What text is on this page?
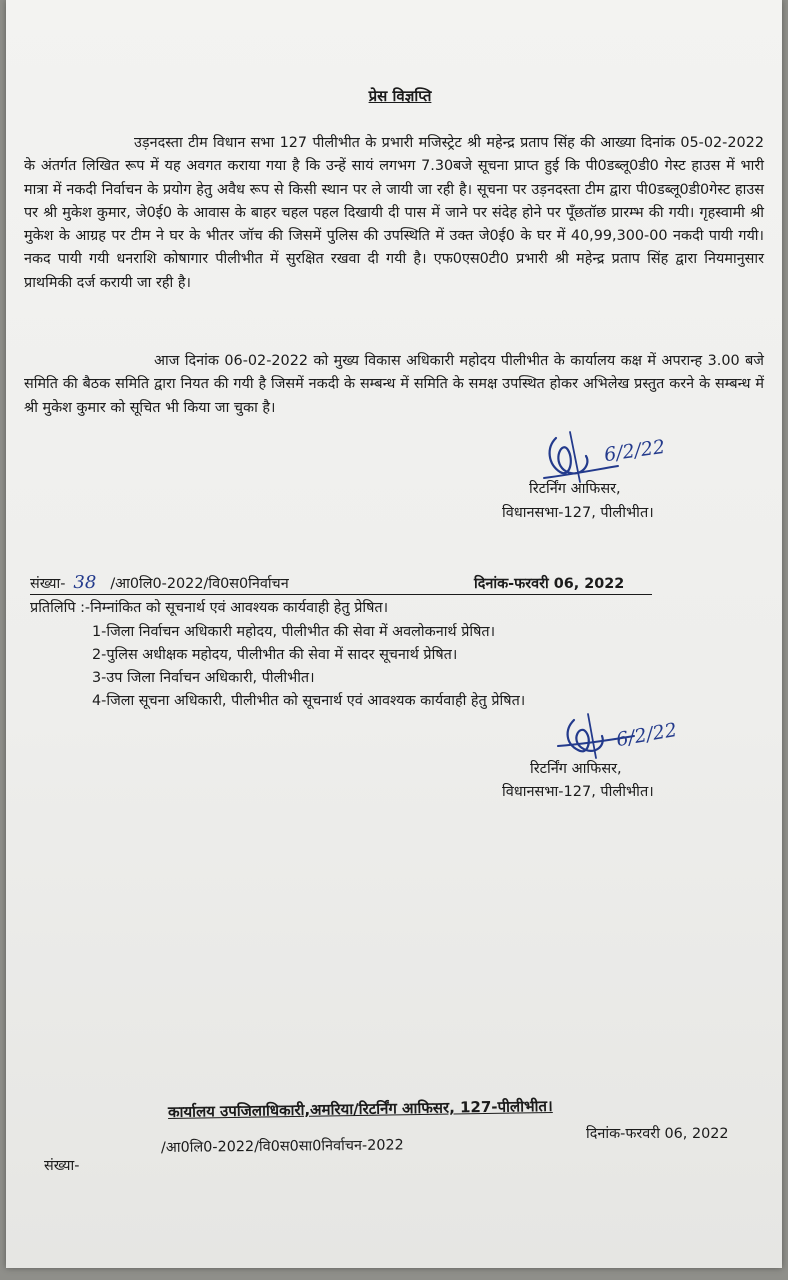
प्रेस विज्ञप्ति
उड़नदस्ता टीम विधान सभा 127 पीलीभीत के प्रभारी मजिस्ट्रेट श्री महेन्द्र प्रताप सिंह की आख्या दिनांक 05-02-2022 के अंतर्गत लिखित रूप में यह अवगत कराया गया है कि उन्हें सायं लगभग 7.30बजे सूचना प्राप्त हुई कि पी0डब्लू0डी0 गेस्ट हाउस में भारी मात्रा में नकदी निर्वाचन के प्रयोग हेतु अवैध रूप से किसी स्थान पर ले जायी जा रही है। सूचना पर उड़नदस्ता टीम द्वारा पी0डब्लू0डी0गेस्ट हाउस पर श्री मुकेश कुमार, जे0ई0 के आवास के बाहर चहल पहल दिखायी दी पास में जाने पर संदेह होने पर पूँछतॉछ प्रारम्भ की गयी। गृहस्वामी श्री मुकेश के आग्रह पर टीम ने घर के भीतर जॉच की जिसमें पुलिस की उपस्थिति में उक्त जे0ई0 के घर में 40,99,300-00 नकदी पायी गयी। नकद पायी गयी धनराशि कोषागार पीलीभीत में सुरक्षित रखवा दी गयी है। एफ0एस0टी0 प्रभारी श्री महेन्द्र प्रताप सिंह द्वारा नियमानुसार प्राथमिकी दर्ज करायी जा रही है।
आज दिनांक 06-02-2022 को मुख्य विकास अधिकारी महोदय पीलीभीत के कार्यालय कक्ष में अपरान्ह 3.00 बजे समिति की बैठक समिति द्वारा नियत की गयी है जिसमें नकदी के सम्बन्ध में समिति के समक्ष उपस्थित होकर अभिलेख प्रस्तुत करने के सम्बन्ध में श्री मुकेश कुमार को सूचित भी किया जा चुका है।
6/2/22
रिटर्निंग आफिसर,
विधानसभा-127, पीलीभीत।
संख्या- 38 /आ0लि0-2022/वि0स0निर्वाचन	दिनांक-फरवरी 06, 2022
प्रतिलिपि :-निम्नांकित को सूचनार्थ एवं आवश्यक कार्यवाही हेतु प्रेषित।
1-जिला निर्वाचन अधिकारी महोदय, पीलीभीत की सेवा में अवलोकनार्थ प्रेषित।
2-पुलिस अधीक्षक महोदय, पीलीभीत की सेवा में सादर सूचनार्थ प्रेषित।
3-उप जिला निर्वाचन अधिकारी, पीलीभीत।
4-जिला सूचना अधिकारी, पीलीभीत को सूचनार्थ एवं आवश्यक कार्यवाही हेतु प्रेषित।
6/2/22
रिटर्निंग आफिसर,
विधानसभा-127, पीलीभीत।
कार्यालय उपजिलाधिकारी,अमरिया/रिटर्निंग आफिसर, 127-पीलीभीत।
दिनांक-फरवरी 06, 2022
/आ0लि0-2022/वि0स0सा0निर्वाचन-2022
संख्या-
